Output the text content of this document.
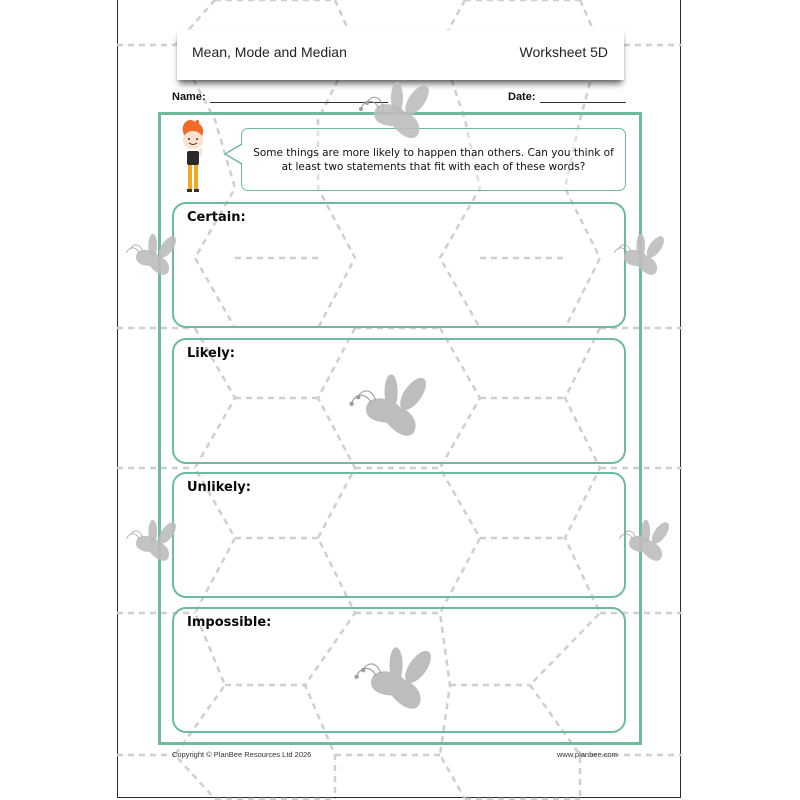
Mean, Mode and Median	Worksheet 5D
Name:	Date:
Some things are more likely to happen than others. Can you think of at least two statements that fit with each of these words?
Certain:
Likely:
Unlikely:
Impossible:
Copyright © PlanBee Resources Ltd 2026	www.planbee.com
